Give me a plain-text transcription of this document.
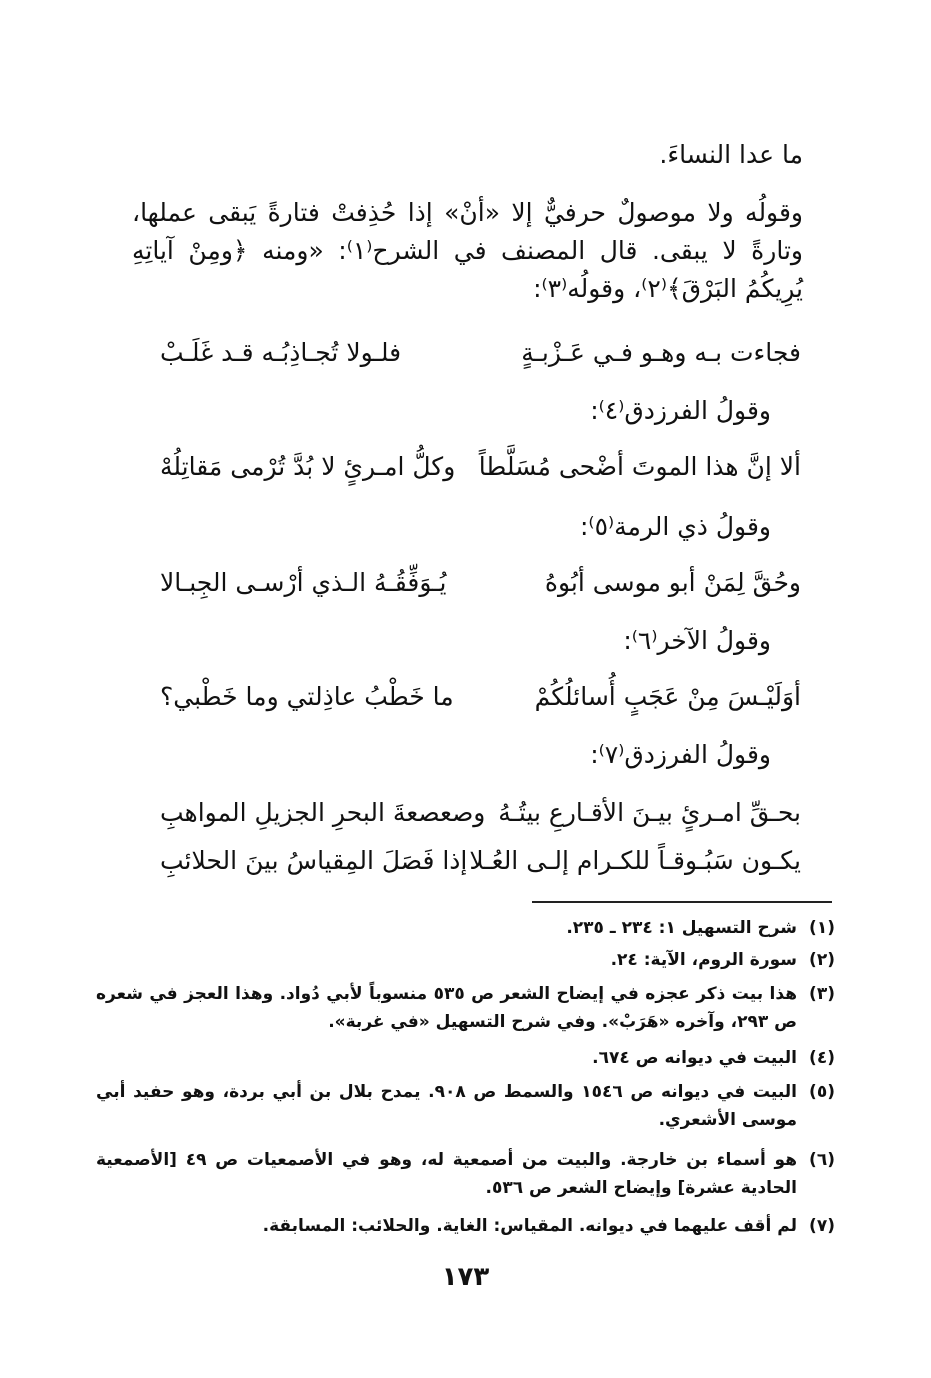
ما عدا النساءَ.
وقولُه ولا موصولٌ حرفيٌّ إلا «أنْ» إذا حُذِفتْ فتارةً يَبقى عملها، وتارةً لا يبقى. قال المصنف في الشرح⁽١⁾: «ومنه ﴿ومِنْ آياتِهِ يُرِيكُمُ البَرْقَ﴾⁽٢⁾، وقولُه⁽٣⁾:
فجاءت بـه وهـو فـي عَـزْبـةٍ
فلـولا تُجـاذِبُـه قـد غَلَـبْ
وقولُ الفرزدق⁽٤⁾:
ألا إنَّ هذا الموتَ أضْحى مُسَلَّطاً
وكلُّ امـرئٍ لا بُدَّ تُرْمى مَقاتِلُهْ
وقولُ ذي الرمة⁽٥⁾:
وحُقَّ لِمَنْ أبو موسى أبُوهُ
يُـوَفِّقُـهُ الـذي أرْسـى الجِبـالا
وقولُ الآخر⁽٦⁾:
أوَلَيْـسَ مِنْ عَجَبٍ أُسائلُكُمْ
ما خَطْبُ عاذِلتي وما خَطْبي؟
وقولُ الفرزدق⁽٧⁾:
بحـقِّ امـرئٍ بيـنَ الأقـارعِ بيتُـهُ
وصعصعةَ البحرِ الجزيلِ المواهبِ
يكـون سَبُـوقـاً للكـرام إلـى العُـلا
إذا فَصَلَ المِقياسُ بينَ الحلائبِ
(١)
شرح التسهيل ١: ٢٣٤ ـ ٢٣٥.
(٢)
سورة الروم، الآية: ٢٤.
(٣)
هذا بيت ذكر عجزه في إيضاح الشعر ص ٥٣٥ منسوباً لأبي دُواد. وهذا العجز في شعره ص ٢٩٣، وآخره «هَرَبْ». وفي شرح التسهيل «في غربة».
(٤)
البيت في ديوانه ص ٦٧٤.
(٥)
البيت في ديوانه ص ١٥٤٦ والسمط ص ٩٠٨. يمدح بلال بن أبي بردة، وهو حفيد أبي موسى الأشعري.
(٦)
هو أسماء بن خارجة. والبيت من أصمعية له، وهو في الأصمعيات ص ٤٩ [الأصمعية الحادية عشرة] وإيضاح الشعر ص ٥٣٦.
(٧)
لم أقف عليهما في ديوانه. المقياس: الغاية. والحلائب: المسابقة.
١٧٣
